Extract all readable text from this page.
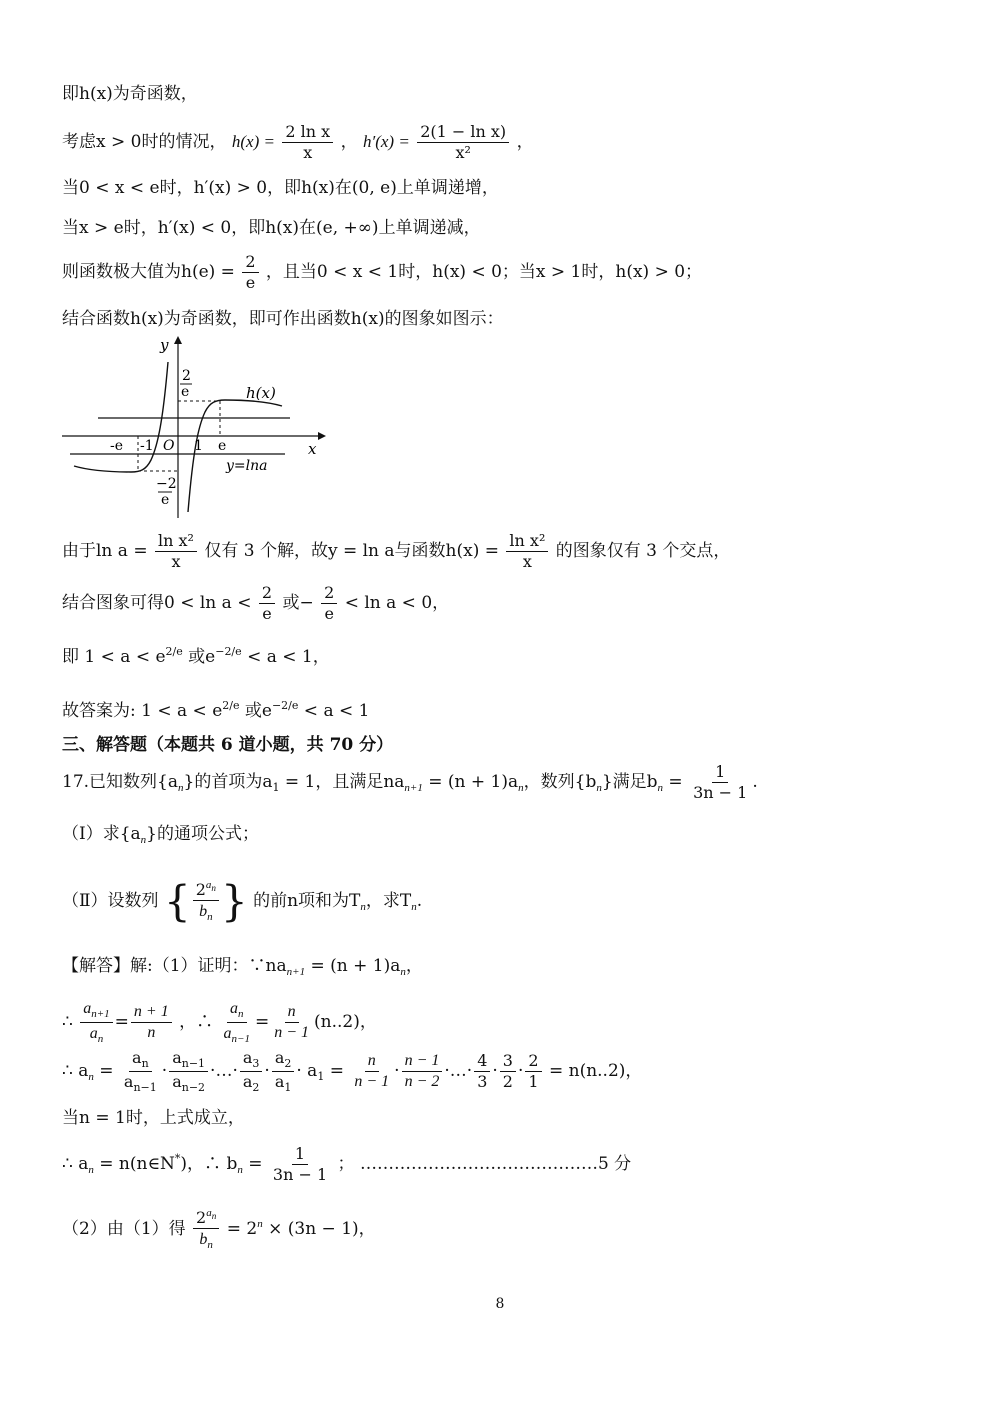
即h(x)为奇函数，
考虑x > 0时的情况， $h(x) = \frac{\text{2 ln x}}{x}$ ， $h'(x) = \frac{\text{2(1 − ln x)}}{\text{x²}}$ ，
当0 < x < e时，h′(x) > 0，即h(x)在(0, e)上单调递增，
当x > e时，h′(x) < 0，即h(x)在(e, +∞)上单调递减，
则函数极大值为$h(e) = \frac{2}{e}$ ，且当0 < x < 1时，h(x) < 0；当x > 1时，h(x) > 0；
结合函数h(x)为奇函数，即可作出函数h(x)的图象如图示：
y
x
h(x)
2
e
-e -1 O 1 e
y=lna
−2
e
由于$\ln a = \frac{\text{ln x²}}{x}$ 仅有 3 个解，故y = ln a与函数$h(x) = \frac{\text{ln x²}}{x}$ 的图象仅有 3 个交点，
结合图象可得$0 < \ln a < \frac{2}{e}$ 或− $\frac{2}{e} < \ln a < 0$，
即 $1 < a < e^{2/e}$ 或$e^{-2/e} < a < 1$，
故答案为: $1 < a < e^{2/e}$ 或$e^{-2/e} < a < 1$
三、解答题（本题共 6 道小题，共 70 分）
17.已知数列$\{a_n\}$的首项为$a_1 = 1$，且满足$na_{n+1} = (n + 1)a_n$，数列$\{b_n\}$满足$b_n = \frac{1}{3n - 1}$ .
（Ⅰ）求$\{a_n\}$的通项公式；
（Ⅱ）设数列 { $\frac{2^{a_n}}{b_n}$ } 的前n项和为$T_n$，求$T_n$.
【解答】解:（1）证明：$\because na_{n+1} = (n + 1)a_n$，
∴ $\frac{a_{n+1}}{a_n} = \frac{n + 1}{n}$ ，∴ $\frac{a_n}{a_{n-1}} = \frac{n}{n - 1} (n..2)$，
∴ $a_n = \frac{a_n}{a_{n-1}} \cdot \frac{a_{n-1}}{a_{n-2}}$ ·…· $\frac{a_3}{a_2} \cdot \frac{a_2}{a_1} \cdot a_1 = \frac{n}{n - 1} \cdot \frac{n - 1}{n - 2}$ ·…· $\frac{4}{3} \cdot \frac{3}{2} \cdot \frac{2}{1} = n(n..2)$，
当n = 1时，上式成立，
∴ $a_n$ = n(n∈N*)，∴ $b_n = \frac{1}{3n - 1}$ ； ……………………………………5 分
（2）由（1）得 $\frac{2^{a_n}}{b_n} = 2^n \times (3n - 1)$，
8
